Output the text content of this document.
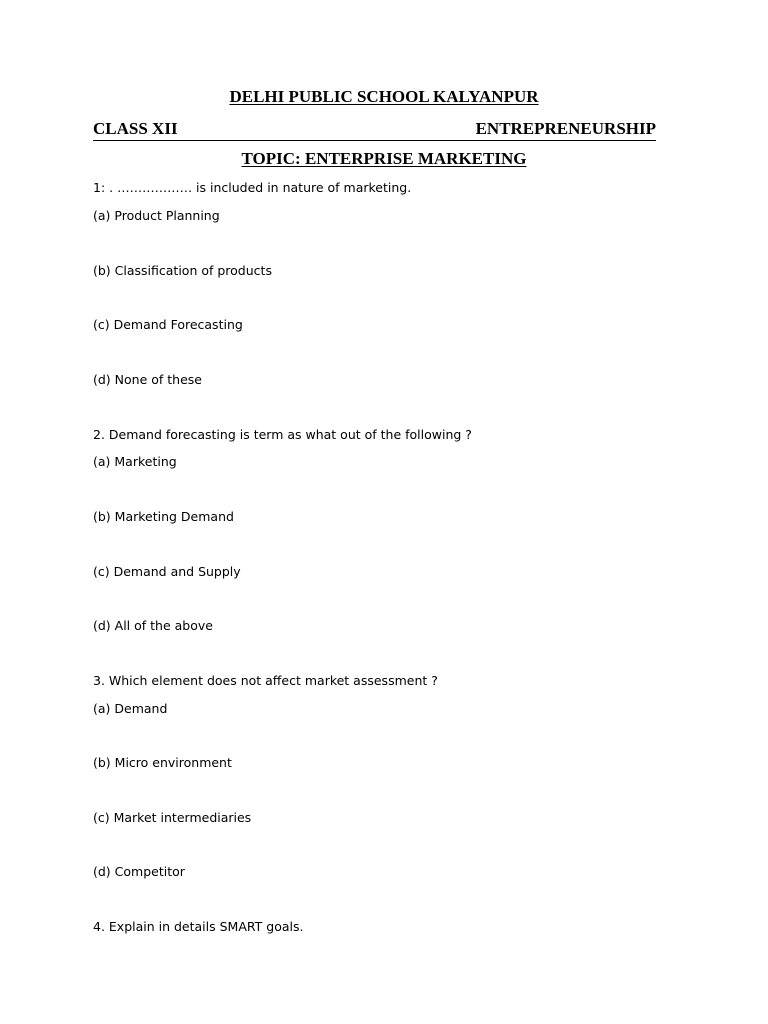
DELHI PUBLIC SCHOOL KALYANPUR
CLASS XII	ENTREPRENEURSHIP
TOPIC: ENTERPRISE MARKETING

1: . ……………… is included in nature of marketing.

(a) Product Planning

(b) Classification of products

(c) Demand Forecasting

(d) None of these

2. Demand forecasting is term as what out of the following ?

(a) Marketing

(b) Marketing Demand

(c) Demand and Supply

(d) All of the above

3. Which element does not affect market assessment ?

(a) Demand

(b) Micro environment

(c) Market intermediaries

(d) Competitor

4. Explain in details SMART goals.
